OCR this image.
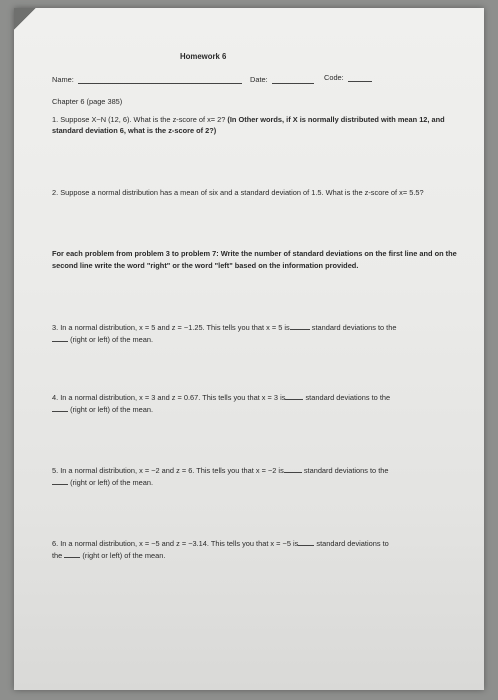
Homework 6
Name:	Date:	Code:
Chapter 6 (page 385)
1. Suppose X~N (12, 6). What is the z-score of x= 2? (In Other words, if X is normally distributed with mean 12, and standard deviation 6, what is the z-score of 2?)
2. Suppose a normal distribution has a mean of six and a standard deviation of 1.5. What is the z-score of x= 5.5?
For each problem from problem 3 to problem 7: Write the number of standard deviations on the first line and on the second line write the word "right" or the word "left" based on the information provided.
3. In a normal distribution, x = 5 and z = −1.25. This tells you that x = 5 is	standard deviations to the
(right or left) of the mean.
4. In a normal distribution, x = 3 and z = 0.67. This tells you that x = 3 is	standard deviations to the
(right or left) of the mean.
5. In a normal distribution, x = −2 and z = 6. This tells you that x = −2 is	standard deviations to the
(right or left) of the mean.
6. In a normal distribution, x = −5 and z = −3.14. This tells you that x = −5 is standard deviations to
the	(right or left) of the mean.
